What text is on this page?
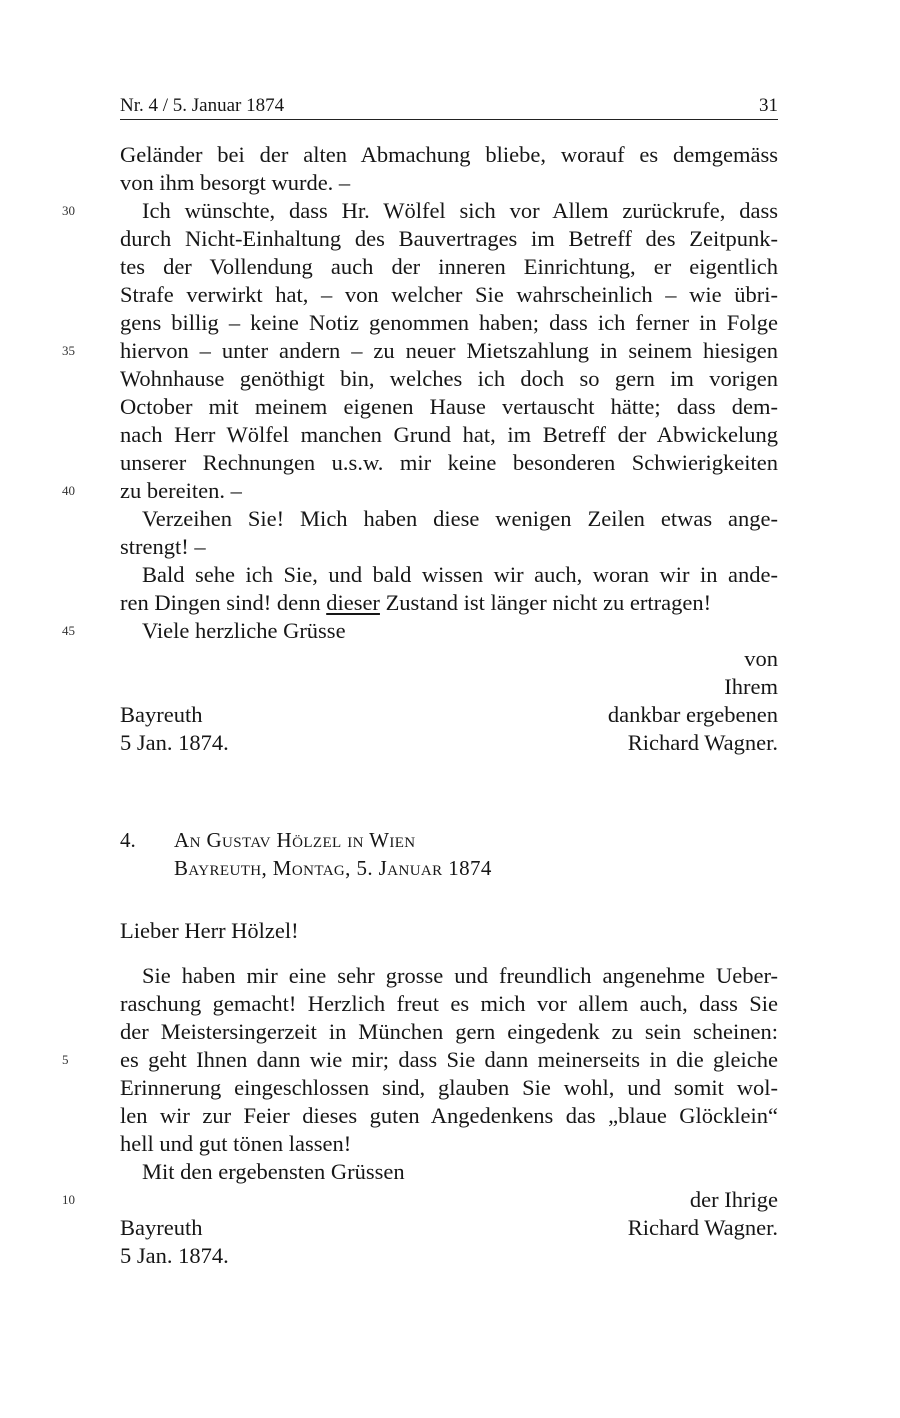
Nr. 4 / 5. Januar 1874	31
Geländer bei der alten Abmachung bliebe, worauf es demgemäss
von ihm besorgt wurde. –
30	Ich wünschte, dass Hr. Wölfel sich vor Allem zurückrufe, dass
durch Nicht-Einhaltung des Bauvertrages im Betreff des Zeitpunk-
tes der Vollendung auch der inneren Einrichtung, er eigentlich
Strafe verwirkt hat, – von welcher Sie wahrscheinlich – wie übri-
gens billig – keine Notiz genommen haben; dass ich ferner in Folge
35	hiervon – unter andern – zu neuer Mietszahlung in seinem hiesigen
Wohnhause genöthigt bin, welches ich doch so gern im vorigen
October mit meinem eigenen Hause vertauscht hätte; dass dem-
nach Herr Wölfel manchen Grund hat, im Betreff der Abwickelung
unserer Rechnungen u.s.w. mir keine besonderen Schwierigkeiten
40	zu bereiten. –
Verzeihen Sie! Mich haben diese wenigen Zeilen etwas ange-
strengt! –
Bald sehe ich Sie, und bald wissen wir auch, woran wir in ande-
ren Dingen sind! denn dieser Zustand ist länger nicht zu ertragen!
45	Viele herzliche Grüsse
von
Ihrem
Bayreuth	dankbar ergebenen
5 Jan. 1874.	Richard Wagner.
4. An Gustav Hölzel in Wien
Bayreuth, Montag, 5. Januar 1874
Lieber Herr Hölzel!
Sie haben mir eine sehr grosse und freundlich angenehme Ueber-
raschung gemacht! Herzlich freut es mich vor allem auch, dass Sie
der Meistersingerzeit in München gern eingedenk zu sein scheinen:
5	es geht Ihnen dann wie mir; dass Sie dann meinerseits in die gleiche
Erinnerung eingeschlossen sind, glauben Sie wohl, und somit wol-
len wir zur Feier dieses guten Angedenkens das „blaue Glöcklein“
hell und gut tönen lassen!
Mit den ergebensten Grüssen
10	der Ihrige
Bayreuth	Richard Wagner.
5 Jan. 1874.
